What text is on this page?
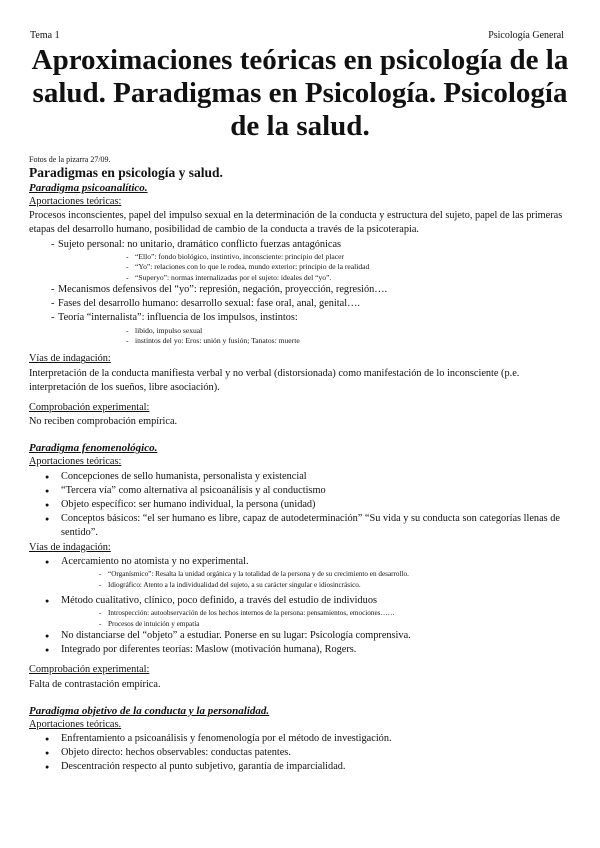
Tema 1	Psicología General
Aproximaciones teóricas en psicología de la salud. Paradigmas en Psicología. Psicología de la salud.

Fotos de la pizarra 27/09.

Paradigmas en psicología y salud.

Paradigma psicoanalítico.

Aportaciones teóricas:

Procesos inconscientes, papel del impulso sexual en la determinación de la conducta y estructura del sujeto, papel de las primeras etapas del desarrollo humano, posibilidad de cambio de la conducta a través de la psicoterapia.

- Sujeto personal: no unitario, dramático conflicto fuerzas antagónicas
- “Ello”: fondo biológico, instintivo, inconsciente: principio del placer
- “Yo”: relaciones con lo que le rodea, mundo exterior: principio de la realidad
- “Superyo”: normas internalizadas por el sujeto: ideales del “yo”.
- Mecanismos defensivos del “yo”: represión, negación, proyección, regresión….
- Fases del desarrollo humano: desarrollo sexual: fase oral, anal, genital….
- Teoría “internalista”: influencia de los impulsos, instintos:
- libido, impulso sexual
- instintos del yo: Eros: unión y fusión; Tanatos: muerte

Vías de indagación:

Interpretación de la conducta manifiesta verbal y no verbal (distorsionada) como manifestación de lo inconsciente (p.e. interpretación de los sueños, libre asociación).

Comprobación experimental:

No reciben comprobación empírica.

Paradigma fenomenológico.

Aportaciones teóricas:

● Concepciones de sello humanista, personalista y existencial
● “Tercera vía” como alternativa al psicoanálisis y al conductismo
● Objeto específico: ser humano individual, la persona (unidad)
● Conceptos básicos: “el ser humano es libre, capaz de autodeterminación” “Su vida y su conducta son categorías llenas de sentido”.

Vías de indagación:

● Acercamiento no atomista y no experimental.
- “Organísmico”: Resalta la unidad orgánica y la totalidad de la persona y de su crecimiento en desarrollo.
- Idiográfico: Atento a la individualidad del sujeto, a su carácter singular e idiosincrásico.
● Método cualitativo, clínico, poco definido, a través del estudio de individuos
- Introspección: autoobservación de los hechos internos de la persona: pensamientos, emociones……
- Procesos de intuición y empatía
● No distanciarse del “objeto” a estudiar. Ponerse en su lugar: Psicología comprensiva.
● Integrado por diferentes teorías: Maslow (motivación humana), Rogers.

Comprobación experimental:

Falta de contrastación empírica.

Paradigma objetivo de la conducta y la personalidad.

Aportaciones teóricas.

● Enfrentamiento a psicoanálisis y fenomenología por el método de investigación.
● Objeto directo: hechos observables: conductas patentes.
● Descentración respecto al punto subjetivo, garantía de imparcialidad.
